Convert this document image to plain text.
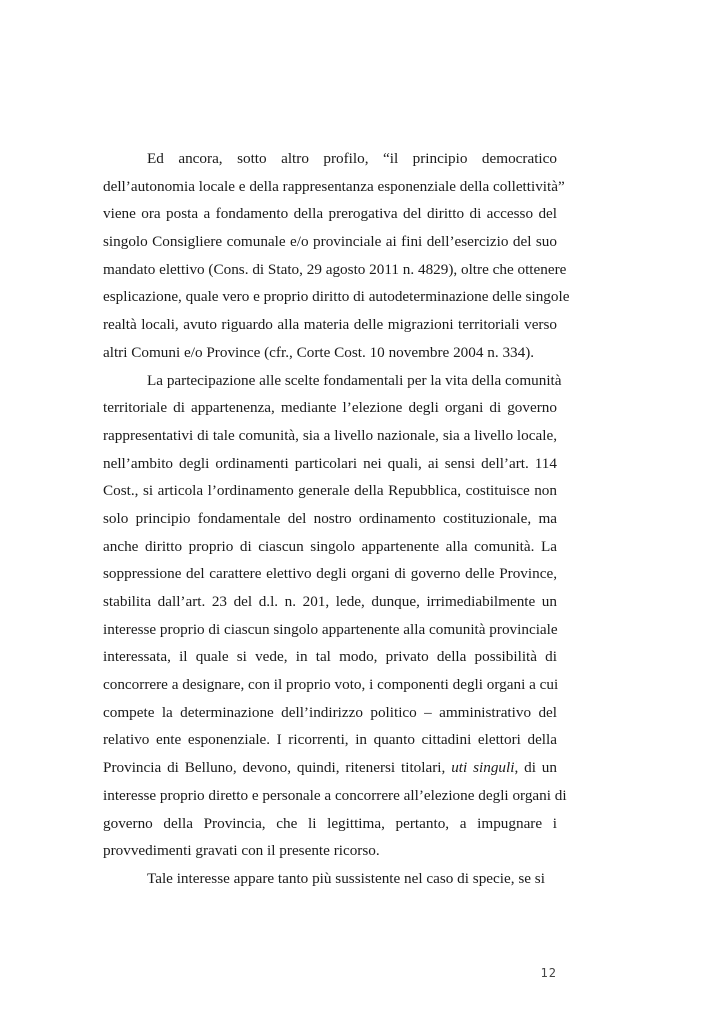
Ed ancora, sotto altro profilo, “il principio democratico
dell’autonomia locale e della rappresentanza esponenziale della collettività”
viene ora posta a fondamento della prerogativa del diritto di accesso del
singolo Consigliere comunale e/o provinciale ai fini dell’esercizio del suo
mandato elettivo (Cons. di Stato, 29 agosto 2011 n. 4829), oltre che ottenere
esplicazione, quale vero e proprio diritto di autodeterminazione delle singole
realtà locali, avuto riguardo alla materia delle migrazioni territoriali verso
altri Comuni e/o Province (cfr., Corte Cost. 10 novembre 2004 n. 334).
La partecipazione alle scelte fondamentali per la vita della comunità
territoriale di appartenenza, mediante l’elezione degli organi di governo
rappresentativi di tale comunità, sia a livello nazionale, sia a livello locale,
nell’ambito degli ordinamenti particolari nei quali, ai sensi dell’art. 114
Cost., si articola l’ordinamento generale della Repubblica, costituisce non
solo principio fondamentale del nostro ordinamento costituzionale, ma
anche diritto proprio di ciascun singolo appartenente alla comunità. La
soppressione del carattere elettivo degli organi di governo delle Province,
stabilita dall’art. 23 del d.l. n. 201, lede, dunque, irrimediabilmente un
interesse proprio di ciascun singolo appartenente alla comunità provinciale
interessata, il quale si vede, in tal modo, privato della possibilità di
concorrere a designare, con il proprio voto, i componenti degli organi a cui
compete la determinazione dell’indirizzo politico – amministrativo del
relativo ente esponenziale. I ricorrenti, in quanto cittadini elettori della
Provincia di Belluno, devono, quindi, ritenersi titolari, uti singuli, di un
interesse proprio diretto e personale a concorrere all’elezione degli organi di
governo della Provincia, che li legittima, pertanto, a impugnare i
provvedimenti gravati con il presente ricorso.
Tale interesse appare tanto più sussistente nel caso di specie, se si
12
